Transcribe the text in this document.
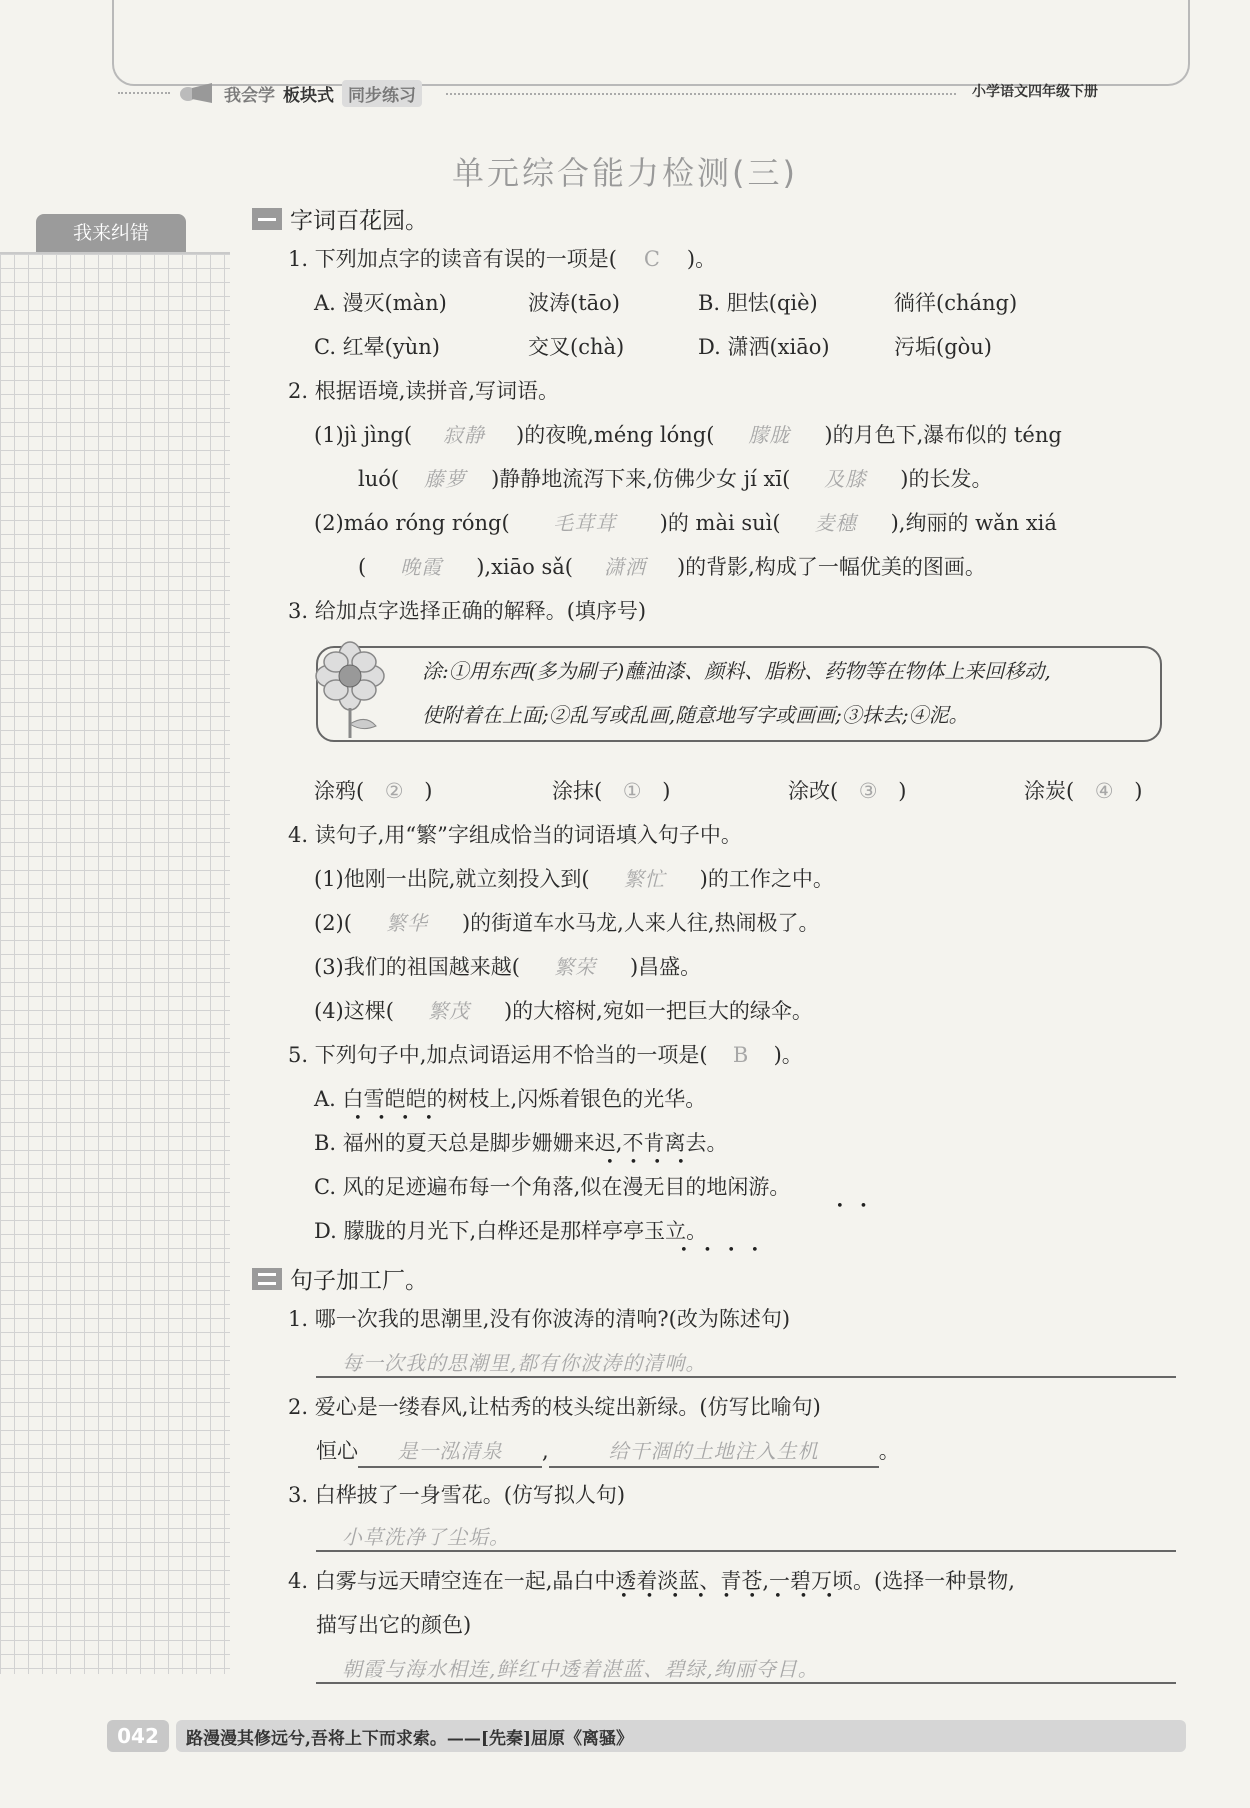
我会学 板块式 同步练习	小学语文四年级下册
单元综合能力检测(三)
我来纠错	字词百花园。
1. 下列加点字的读音有误的一项是( C )。
A. 漫灭(màn)	波涛(tāo)	B. 胆怯(qiè)	徜徉(cháng)
C. 红晕(yùn)	交叉(chà)	D. 潇洒(xiāo)	污垢(gòu)
2. 根据语境,读拼音,写词语。
(1)jì jìng( 寂静 )的夜晚,méng lóng( 朦胧 )的月色下,瀑布似的 téng
luó( 藤萝 )静静地流泻下来,仿佛少女 jí xī( 及膝 )的长发。
(2)máo róng róng( 毛茸茸 )的 mài suì( 麦穗 ),绚丽的 wǎn xiá
( 晚霞 ),xiāo sǎ( 潇洒 )的背影,构成了一幅优美的图画。
3. 给加点字选择正确的解释。(填序号)
涂:①用东西(多为刷子)蘸油漆、颜料、脂粉、药物等在物体上来回移动,
使附着在上面;②乱写或乱画,随意地写字或画画;③抹去;④泥。
涂鸦( ② )	涂抹( ① )	涂改( ③ )	涂炭( ④ )
4. 读句子,用“繁”字组成恰当的词语填入句子中。
(1)他刚一出院,就立刻投入到( 繁忙 )的工作之中。
(2)( 繁华 )的街道车水马龙,人来人往,热闹极了。
(3)我们的祖国越来越( 繁荣 )昌盛。
(4)这棵( 繁茂 )的大榕树,宛如一把巨大的绿伞。
5. 下列句子中,加点词语运用不恰当的一项是( B )。
A. 白雪皑皑的树枝上,闪烁着银色的光华。
B. 福州的夏天总是脚步姗姗来迟,不肯离去。
C. 风的足迹遍布每一个角落,似在漫无目的地闲游。
D. 朦胧的月光下,白桦还是那样亭亭玉立。
••••
••••
••
••••
•••••••••
句子加工厂。
1. 哪一次我的思潮里,没有你波涛的清响?(改为陈述句)
每一次我的思潮里,都有你波涛的清响。
2. 爱心是一缕春风,让枯秀的枝头绽出新绿。(仿写比喻句)
恒心 是一泓清泉 ,	给干涸的土地注入生机	。
3. 白桦披了一身雪花。(仿写拟人句)
小草洗净了尘垢。
4. 白雾与远天晴空连在一起,晶白中透着淡蓝、青苍,一碧万顷。(选择一种景物,
描写出它的颜色)
朝霞与海水相连,鲜红中透着湛蓝、碧绿,绚丽夺目。
042	路漫漫其修远兮,吾将上下而求索。——[先秦]屈原《离骚》
